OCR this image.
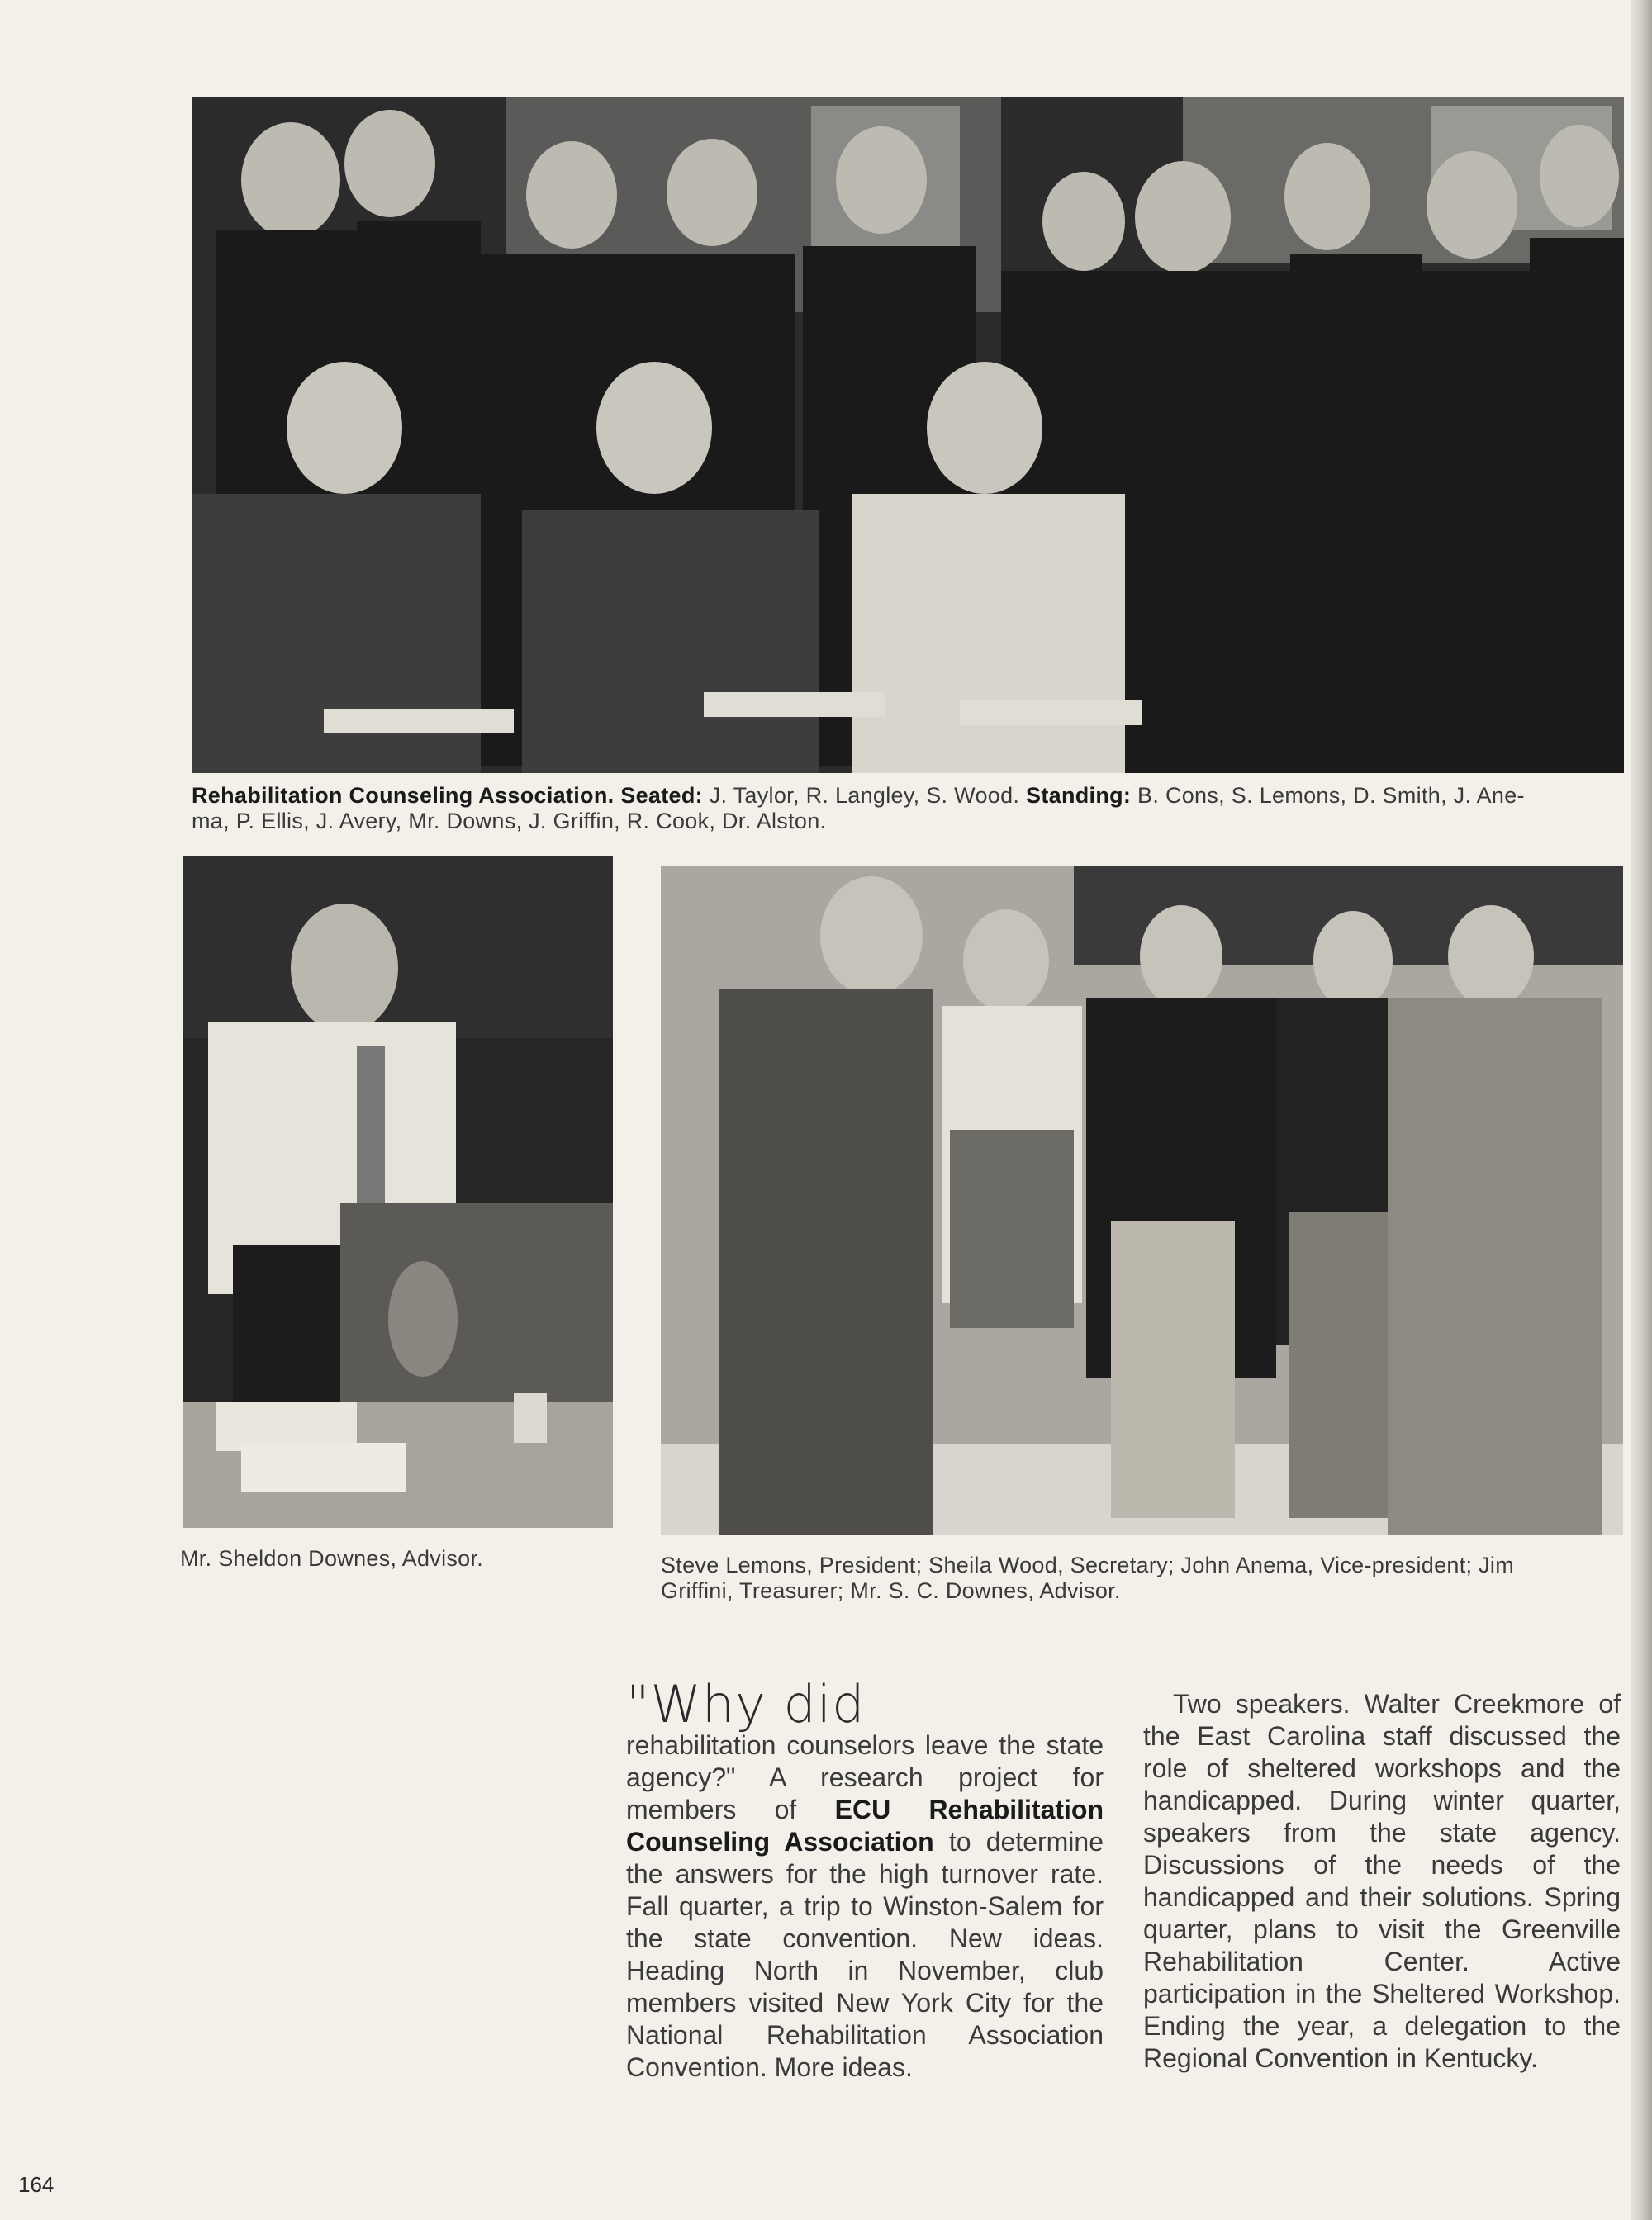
Rehabilitation Counseling Association. Seated: J. Taylor, R. Langley, S. Wood. Standing: B. Cons, S. Lemons, D. Smith, J. Ane-
ma, P. Ellis, J. Avery, Mr. Downs, J. Griffin, R. Cook, Dr. Alston.
Mr. Sheldon Downes, Advisor.	Steve Lemons, President; Sheila Wood, Secretary; John Anema, Vice-president; Jim
Griffini, Treasurer; Mr. S. C. Downes, Advisor.
"Why did

rehabilitation counselors leave the state agency?" A research project for members of ECU Rehabilitation Counseling Association to determine the answers for the high turnover rate. Fall quarter, a trip to Winston-Salem for the state convention. New ideas. Heading North in November, club members visited New York City for the National Rehabilitation Association Convention. More ideas.

Two speakers. Walter Creekmore of the East Carolina staff discussed the role of sheltered workshops and the handicapped. During winter quarter, speakers from the state agency. Discussions of the needs of the handicapped and their solutions. Spring quarter, plans to visit the Greenville Rehabilitation Center. Active participation in the Sheltered Workshop. Ending the year, a delegation to the Regional Convention in Kentucky.

164
